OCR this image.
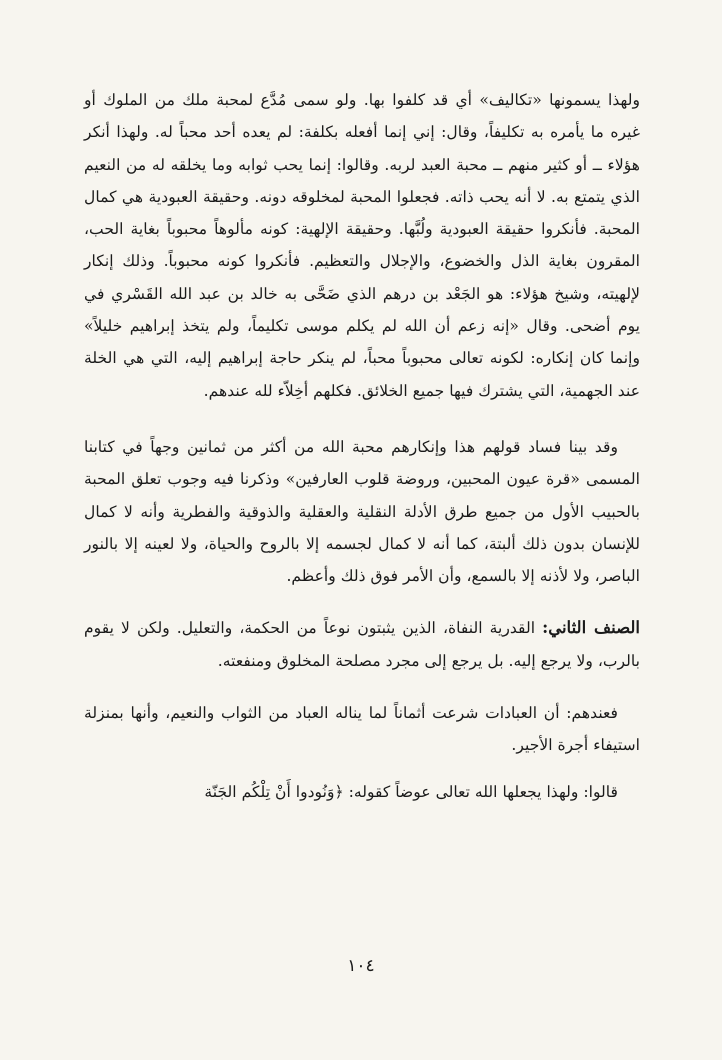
ولهذا يسمونها «تكاليف» أي قد كلفوا بها. ولو سمى مُدَّع لمحبة ملك من الملوك أو غيره ما يأمره به تكليفاً، وقال: إني إنما أفعله بكلفة: لم يعده أحد محباً له. ولهذا أنكر هؤلاء ــ أو كثير منهم ــ محبة العبد لربه. وقالوا: إنما يحب ثوابه وما يخلقه له من النعيم الذي يتمتع به. لا أنه يحب ذاته. فجعلوا المحبة لمخلوقه دونه. وحقيقة العبودية هي كمال المحبة. فأنكروا حقيقة العبودية ولُبَّها. وحقيقة الإلهية: كونه مألوهاً محبوباً بغاية الحب، المقرون بغاية الذل والخضوع، والإجلال والتعظيم. فأنكروا كونه محبوباً. وذلك إنكار لإلهيته، وشيخ هؤلاء: هو الجَعْد بن درهم الذي ضَحَّى به خالد بن عبد الله القَسْري في يوم أضحى. وقال «إنه زعم أن الله لم يكلم موسى تكليماً، ولم يتخذ إبراهيم خليلاً» وإنما كان إنكاره: لكونه تعالى محبوباً محباً، لم ينكر حاجة إبراهيم إليه، التي هي الخلة عند الجهمية، التي يشترك فيها جميع الخلائق. فكلهم أخِلاّء لله عندهم.

وقد بينا فساد قولهم هذا وإنكارهم محبة الله من أكثر من ثمانين وجهاً في كتابنا المسمى «قرة عيون المحبين، وروضة قلوب العارفين» وذكرنا فيه وجوب تعلق المحبة بالحبيب الأول من جميع طرق الأدلة النقلية والعقلية والذوقية والفطرية وأنه لا كمال للإنسان بدون ذلك ألبتة، كما أنه لا كمال لجسمه إلا بالروح والحياة، ولا لعينه إلا بالنور الباصر، ولا لأذنه إلا بالسمع، وأن الأمر فوق ذلك وأعظم.

الصنف الثاني: القدرية النفاة، الذين يثبتون نوعاً من الحكمة، والتعليل. ولكن لا يقوم بالرب، ولا يرجع إليه. بل يرجع إلى مجرد مصلحة المخلوق ومنفعته.

فعندهم: أن العبادات شرعت أثماناً لما يناله العباد من الثواب والنعيم، وأنها بمنزلة استيفاء أجرة الأجير.

قالوا: ولهذا يجعلها الله تعالى عوضاً كقوله: ﴿وَنُودوا أَنْ تِلْكُم الجَنّة

١٠٤
